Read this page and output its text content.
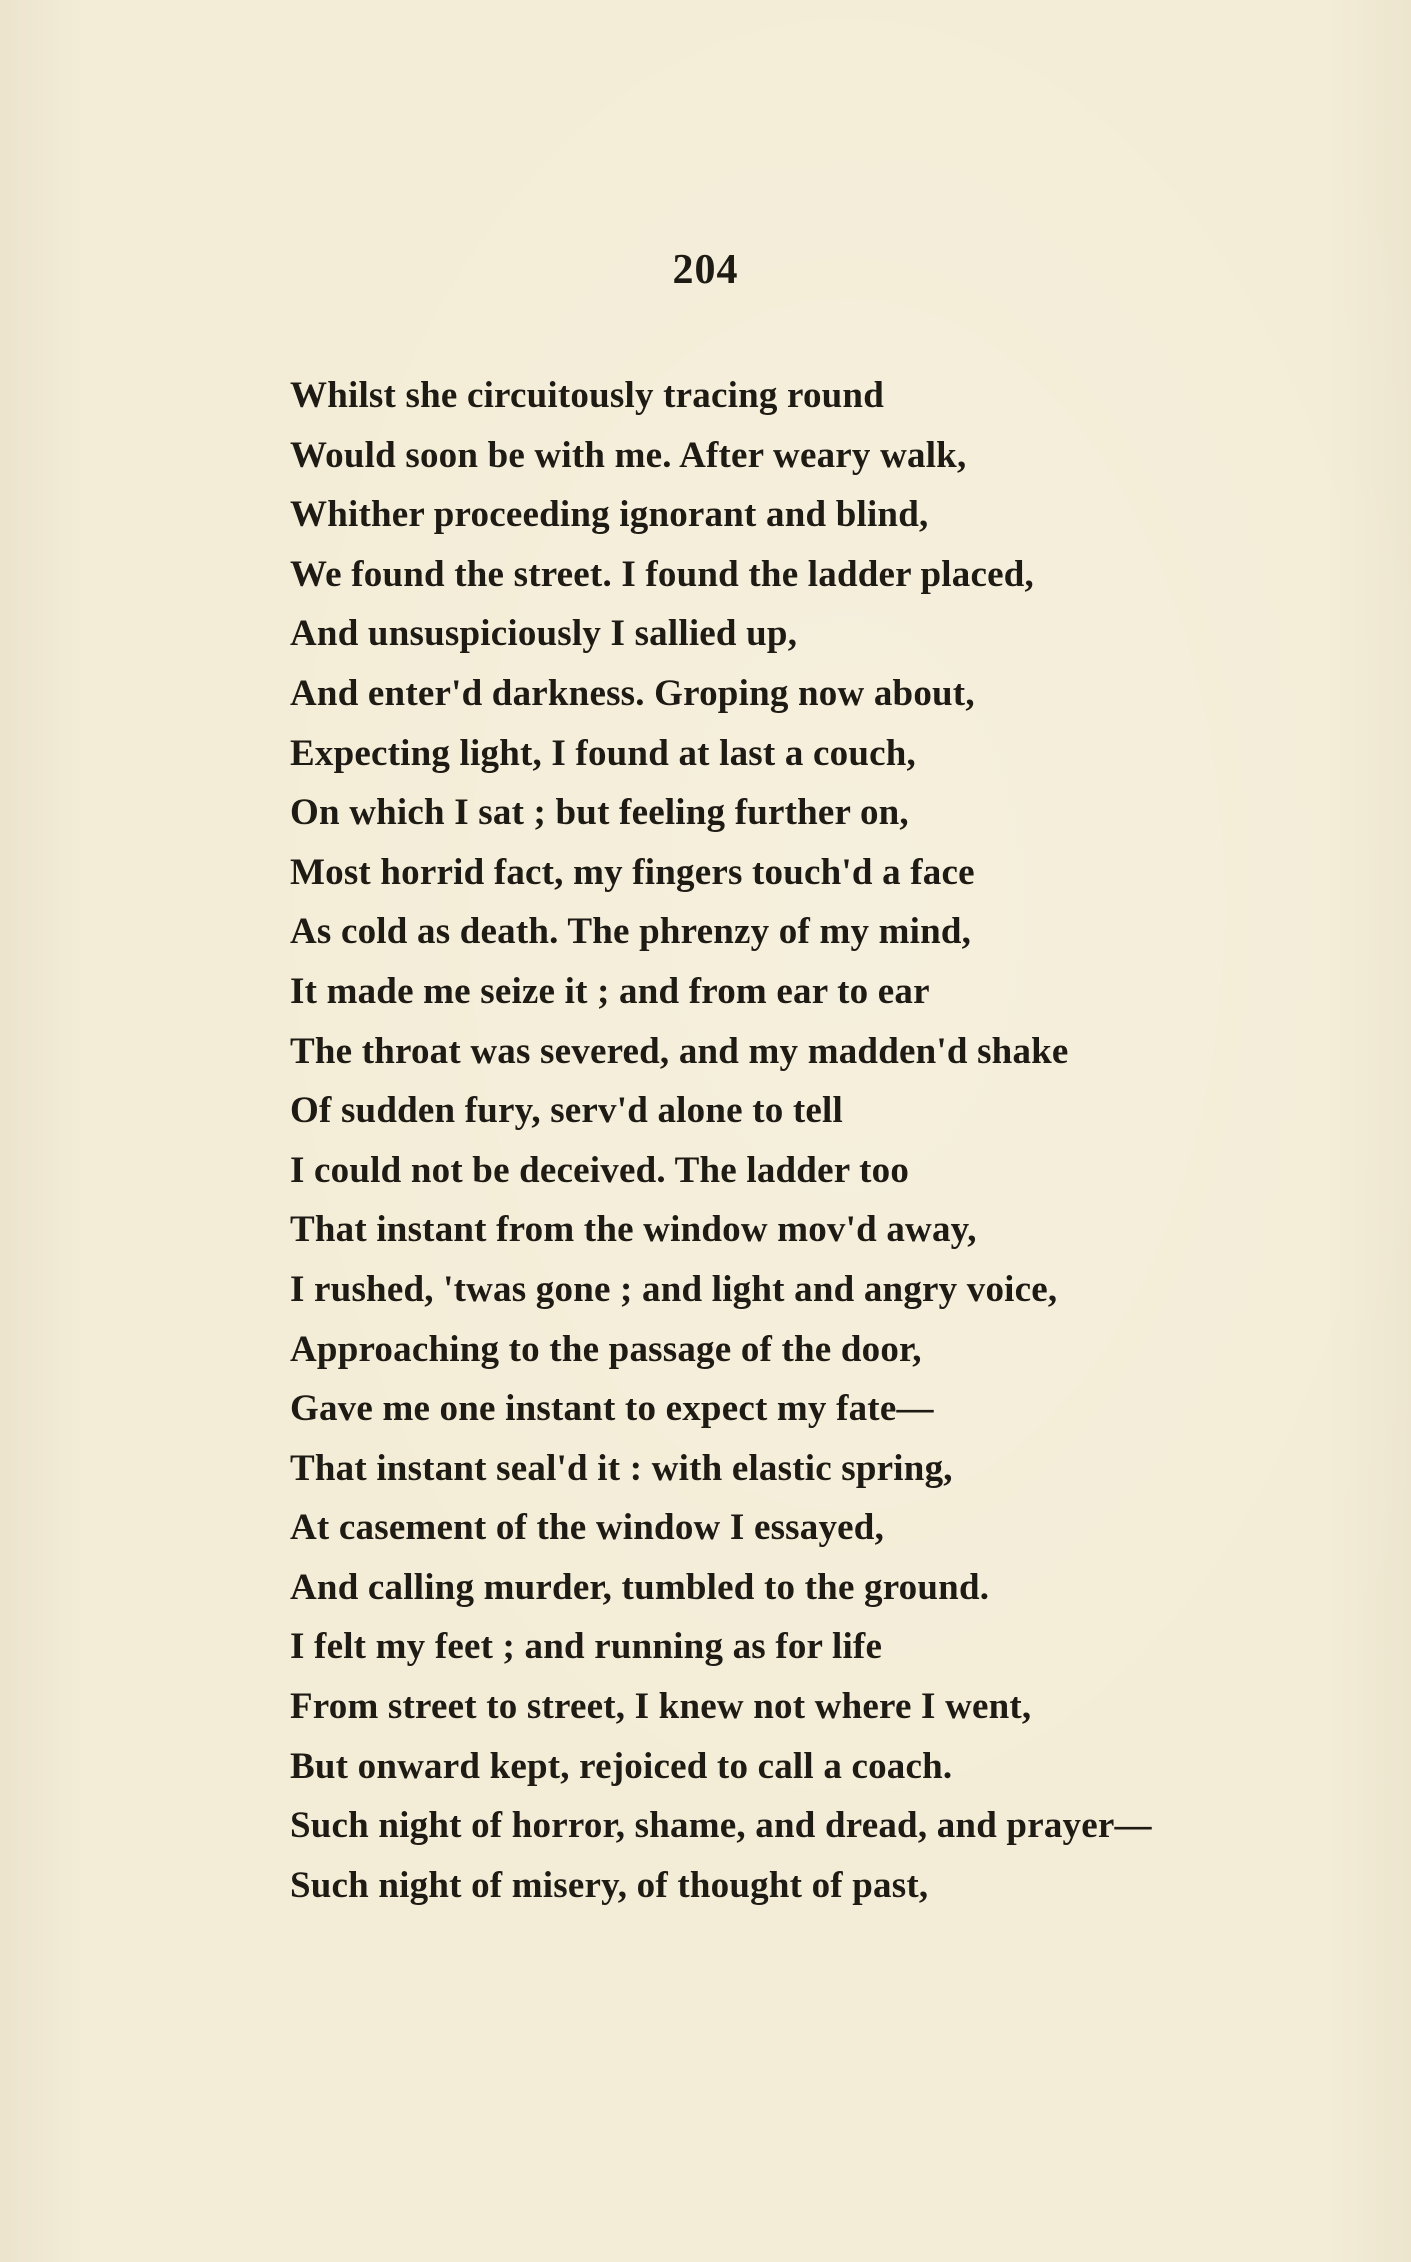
204
Whilst she circuitously tracing round
Would soon be with me. After weary walk,
Whither proceeding ignorant and blind,
We found the street. I found the ladder placed,
And unsuspiciously I sallied up,
And enter'd darkness. Groping now about,
Expecting light, I found at last a couch,
On which I sat ; but feeling further on,
Most horrid fact, my fingers touch'd a face
As cold as death. The phrenzy of my mind,
It made me seize it ; and from ear to ear
The throat was severed, and my madden'd shake
Of sudden fury, serv'd alone to tell
I could not be deceived. The ladder too
That instant from the window mov'd away,
I rushed, 'twas gone ; and light and angry voice,
Approaching to the passage of the door,
Gave me one instant to expect my fate—
That instant seal'd it : with elastic spring,
At casement of the window I essayed,
And calling murder, tumbled to the ground.
I felt my feet ; and running as for life
From street to street, I knew not where I went,
But onward kept, rejoiced to call a coach.
Such night of horror, shame, and dread, and prayer—
Such night of misery, of thought of past,
